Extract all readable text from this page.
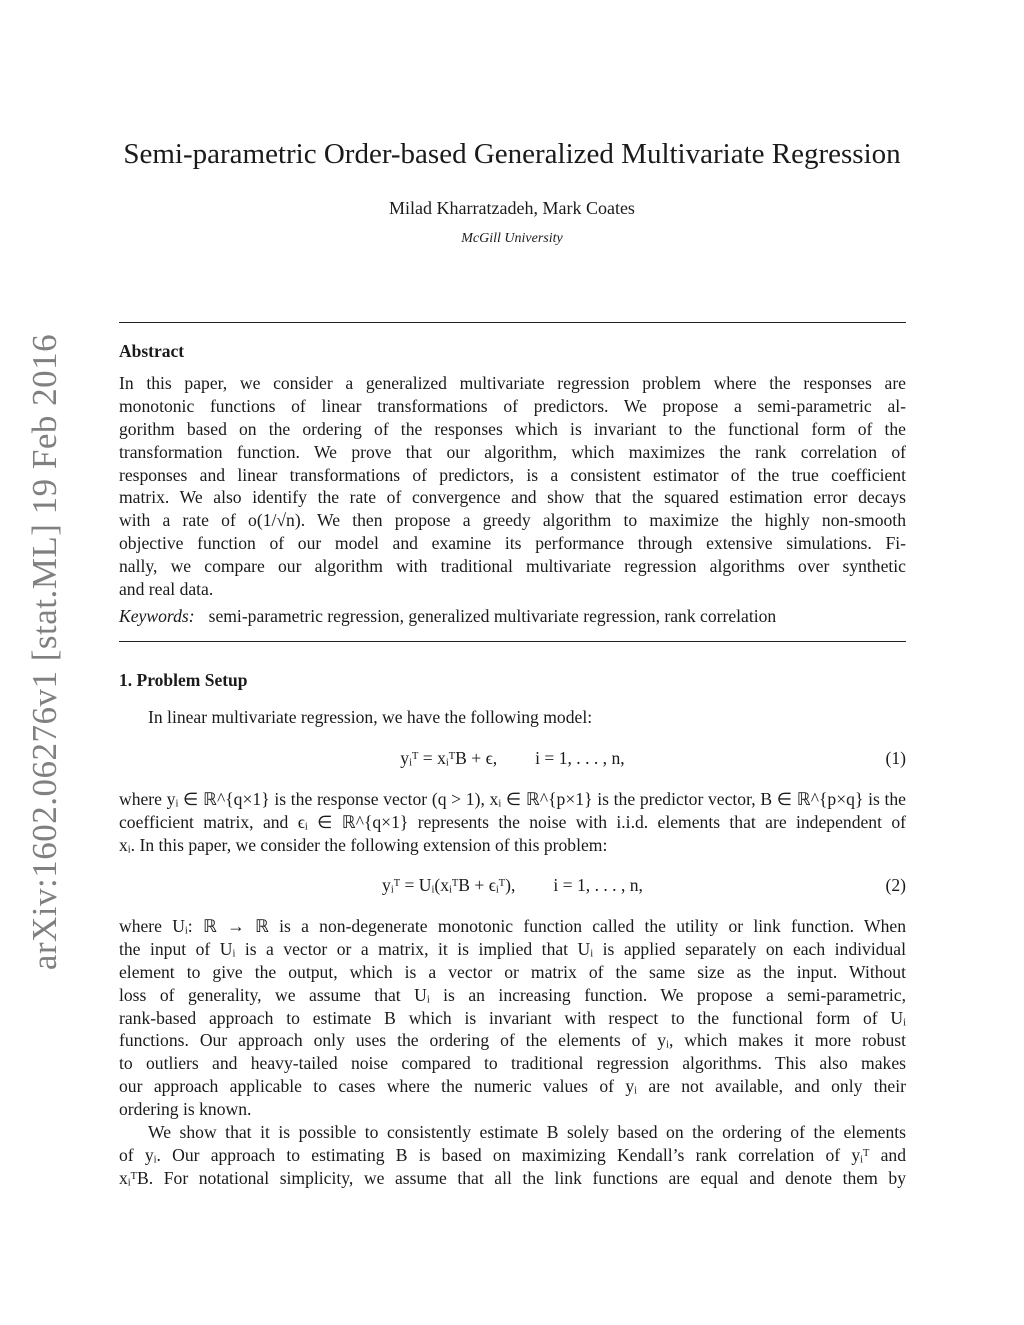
arXiv:1602.06276v1 [stat.ML] 19 Feb 2016
Semi-parametric Order-based Generalized Multivariate Regression
Milad Kharratzadeh, Mark Coates
McGill University
Abstract
In this paper, we consider a generalized multivariate regression problem where the responses are
monotonic functions of linear transformations of predictors. We propose a semi-parametric al-
gorithm based on the ordering of the responses which is invariant to the functional form of the
transformation function. We prove that our algorithm, which maximizes the rank correlation of
responses and linear transformations of predictors, is a consistent estimator of the true coefficient
matrix. We also identify the rate of convergence and show that the squared estimation error decays
with a rate of o(1/√n). We then propose a greedy algorithm to maximize the highly non-smooth
objective function of our model and examine its performance through extensive simulations. Fi-
nally, we compare our algorithm with traditional multivariate regression algorithms over synthetic
and real data.
Keywords: semi-parametric regression, generalized multivariate regression, rank correlation
1. Problem Setup
In linear multivariate regression, we have the following model:
yᵢᵀ = xᵢᵀB + ϵ, i = 1, . . . , n,	(1)
where yᵢ ∈ ℝ^{q×1} is the response vector (q > 1), xᵢ ∈ ℝ^{p×1} is the predictor vector, B ∈ ℝ^{p×q} is the
coefficient matrix, and ϵᵢ ∈ ℝ^{q×1} represents the noise with i.i.d. elements that are independent of
xᵢ. In this paper, we consider the following extension of this problem:
yᵢᵀ = Uᵢ(xᵢᵀB + ϵᵢᵀ), i = 1, . . . , n,	(2)
where Uᵢ: ℝ → ℝ is a non-degenerate monotonic function called the utility or link function. When
the input of Uᵢ is a vector or a matrix, it is implied that Uᵢ is applied separately on each individual
element to give the output, which is a vector or matrix of the same size as the input. Without
loss of generality, we assume that Uᵢ is an increasing function. We propose a semi-parametric,
rank-based approach to estimate B which is invariant with respect to the functional form of Uᵢ
functions. Our approach only uses the ordering of the elements of yᵢ, which makes it more robust
to outliers and heavy-tailed noise compared to traditional regression algorithms. This also makes
our approach applicable to cases where the numeric values of yᵢ are not available, and only their
ordering is known.
We show that it is possible to consistently estimate B solely based on the ordering of the elements
of yᵢ. Our approach to estimating B is based on maximizing Kendall’s rank correlation of yᵢᵀ and
xᵢᵀB. For notational simplicity, we assume that all the link functions are equal and denote them by
